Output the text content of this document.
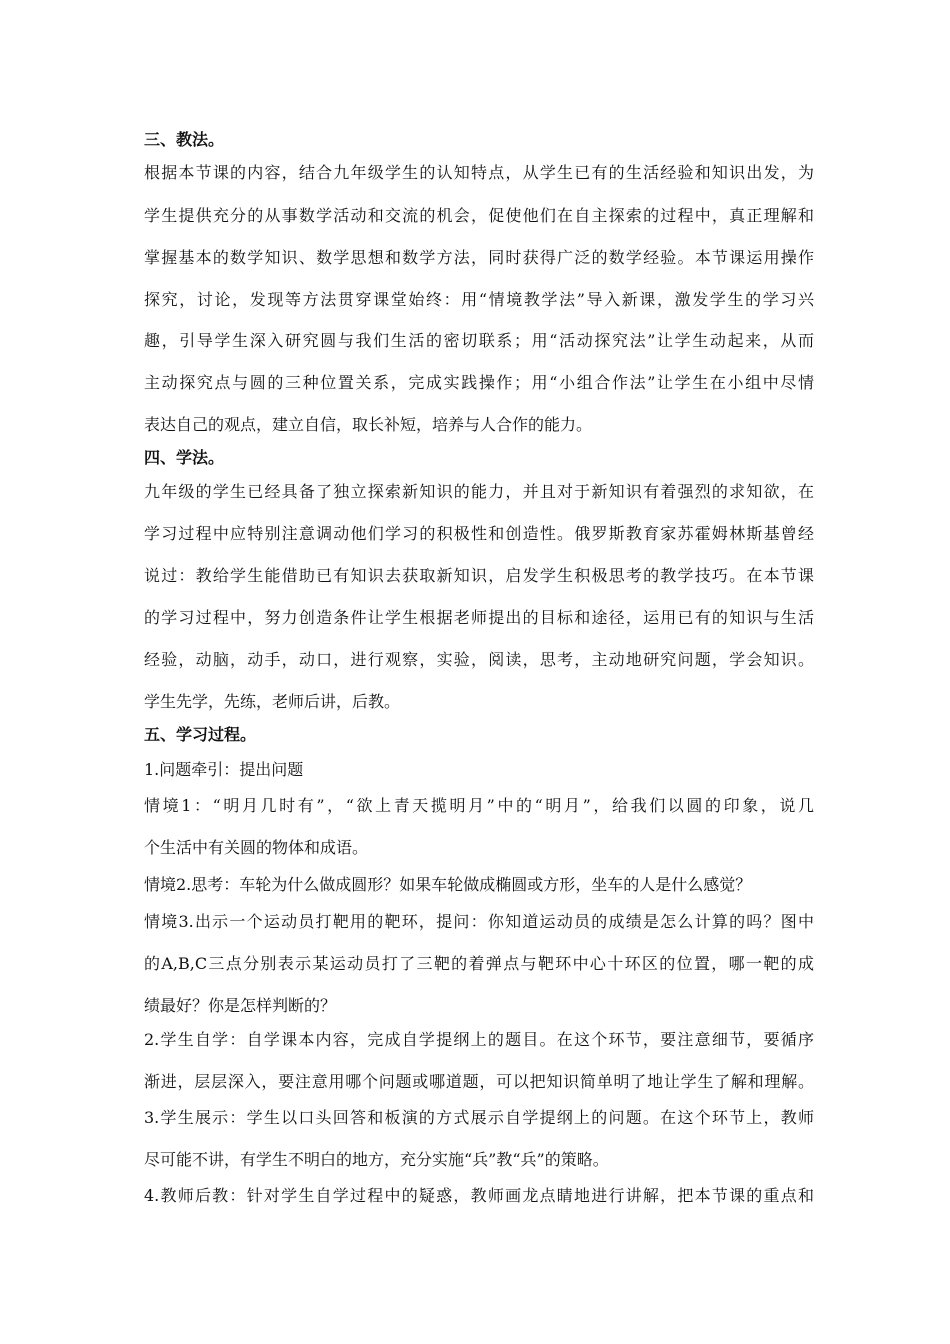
三、教法。
根据本节课的内容，结合九年级学生的认知特点，从学生已有的生活经验和知识出发，为
学生提供充分的从事数学活动和交流的机会，促使他们在自主探索的过程中，真正理解和
掌握基本的数学知识、数学思想和数学方法，同时获得广泛的数学经验。本节课运用操作
探究，讨论，发现等方法贯穿课堂始终：用“情境教学法”导入新课，激发学生的学习兴
趣，引导学生深入研究圆与我们生活的密切联系；用“活动探究法”让学生动起来，从而
主动探究点与圆的三种位置关系，完成实践操作；用“小组合作法”让学生在小组中尽情
表达自己的观点，建立自信，取长补短，培养与人合作的能力。
四、学法。
九年级的学生已经具备了独立探索新知识的能力，并且对于新知识有着强烈的求知欲，在
学习过程中应特别注意调动他们学习的积极性和创造性。俄罗斯教育家苏霍姆林斯基曾经
说过：教给学生能借助已有知识去获取新知识，启发学生积极思考的教学技巧。在本节课
的学习过程中，努力创造条件让学生根据老师提出的目标和途径，运用已有的知识与生活
经验，动脑，动手，动口，进行观察，实验，阅读，思考，主动地研究问题，学会知识。
学生先学，先练，老师后讲，后教。
五、学习过程。
1.问题牵引：提出问题
情境1：“明月几时有”，“欲上青天揽明月”中的“明月”，给我们以圆的印象，说几
个生活中有关圆的物体和成语。
情境2.思考：车轮为什么做成圆形？如果车轮做成椭圆或方形，坐车的人是什么感觉？
情境3.出示一个运动员打靶用的靶环，提问：你知道运动员的成绩是怎么计算的吗？图中
的A,B,C三点分别表示某运动员打了三靶的着弹点与靶环中心十环区的位置，哪一靶的成
绩最好？你是怎样判断的？
2.学生自学：自学课本内容，完成自学提纲上的题目。在这个环节，要注意细节，要循序
渐进，层层深入，要注意用哪个问题或哪道题，可以把知识简单明了地让学生了解和理解。
3.学生展示：学生以口头回答和板演的方式展示自学提纲上的问题。在这个环节上，教师
尽可能不讲，有学生不明白的地方，充分实施“兵”教“兵”的策略。
4.教师后教：针对学生自学过程中的疑惑，教师画龙点睛地进行讲解，把本节课的重点和
